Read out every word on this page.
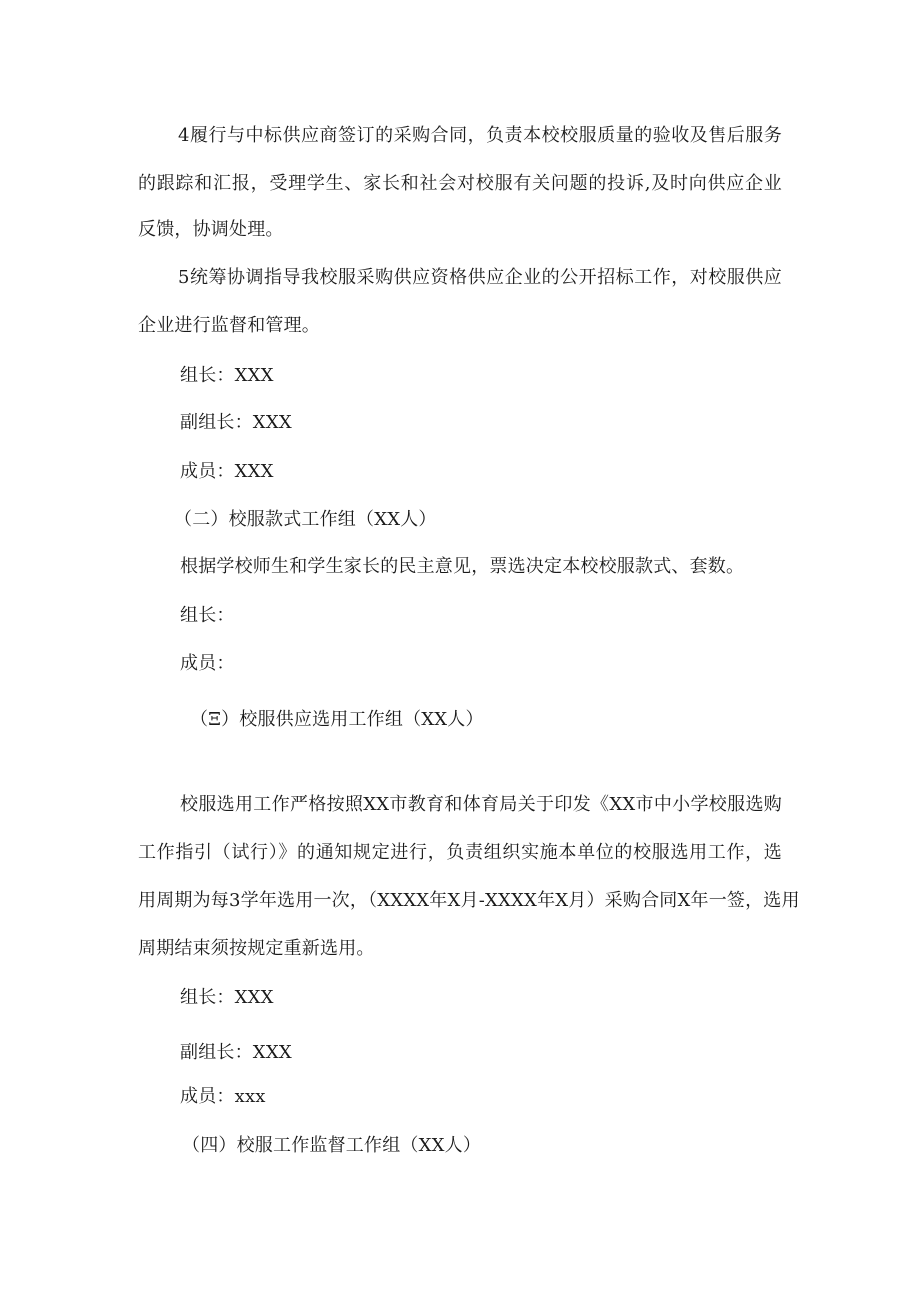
4履行与中标供应商签订的采购合同，负责本校校服质量的验收及售后服务
的跟踪和汇报，受理学生、家长和社会对校服有关问题的投诉,及时向供应企业
反馈，协调处理。
5统筹协调指导我校服采购供应资格供应企业的公开招标工作，对校服供应
企业进行监督和管理。
组长：XXX
副组长：XXX
成员：XXX
（二）校服款式工作组（XX人）
根据学校师生和学生家长的民主意见，票选决定本校校服款式、套数。
组长：
成员：
（Ξ）校服供应选用工作组（XX人）
校服选用工作严格按照XX市教育和体育局关于印发《XX市中小学校服选购
工作指引（试行）》的通知规定进行，负责组织实施本单位的校服选用工作，选
用周期为每3学年选用一次，（XXXX年X月-XXXX年X月）采购合同X年一签，选用
周期结束须按规定重新选用。
组长：XXX
副组长：XXX
成员：xxx
（四）校服工作监督工作组（XX人）
